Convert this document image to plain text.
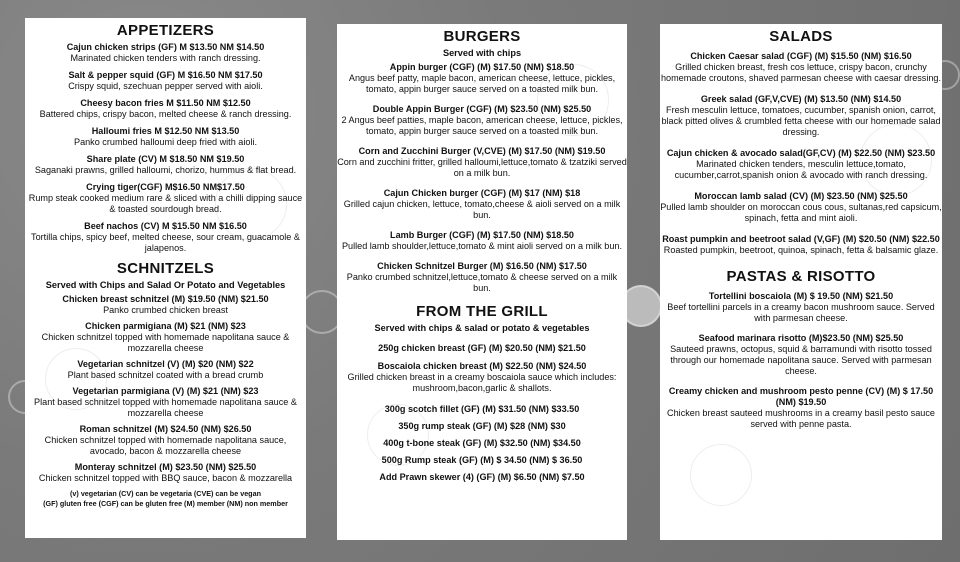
APPETIZERS
Cajun chicken strips (GF) M $13.50 NM $14.50
Marinated chicken tenders with ranch dressing.
Salt & pepper squid (GF) M $16.50 NM $17.50
Crispy squid, szechuan pepper served with aioli.
Cheesy bacon fries M $11.50 NM $12.50
Battered chips, crispy bacon, melted cheese & ranch dressing.
Halloumi fries M $12.50 NM $13.50
Panko crumbed halloumi deep fried with aioli.
Share plate (CV) M $18.50 NM $19.50
Saganaki prawns, grilled halloumi, chorizo, hummus & flat bread.
Crying tiger(CGF) M$16.50 NM$17.50
Rump steak cooked medium rare & sliced with a chilli dipping sauce & toasted sourdough bread.
Beef nachos (CV) M $15.50 NM $16.50
Tortilla chips, spicy beef, melted cheese, sour cream, guacamole & jalapenos.
SCHNITZELS
Served with Chips and Salad Or Potato and Vegetables
Chicken breast schnitzel (M) $19.50 (NM) $21.50
Panko crumbed chicken breast
Chicken parmigiana (M) $21 (NM) $23
Chicken schnitzel topped with homemade napolitana sauce & mozzarella cheese
Vegetarian schnitzel (V) (M) $20 (NM) $22
Plant based schnitzel coated with a bread crumb
Vegetarian parmigiana (V) (M) $21 (NM) $23
Plant based schnitzel topped with homemade napolitana sauce & mozzarella cheese
Roman schnitzel (M) $24.50 (NM) $26.50
Chicken schnitzel topped with homemade napolitana sauce, avocado, bacon & mozzarella cheese
Monteray schnitzel (M) $23.50 (NM) $25.50
Chicken schnitzel topped with BBQ sauce, bacon & mozzarella
(v) vegetarian (CV) can be vegetaria (CVE) can be vegan
(GF) gluten free (CGF) can be gluten free (M) member (NM) non member
BURGERS
Served with chips
Appin burger (CGF) (M) $17.50 (NM) $18.50
Angus beef patty, maple bacon, american cheese, lettuce, pickles, tomato, appin burger sauce served on a toasted milk bun.
Double Appin Burger (CGF) (M) $23.50 (NM) $25.50
2 Angus beef patties, maple bacon, american cheese, lettuce, pickles, tomato, appin burger sauce served on a toasted milk bun.
Corn and Zucchini Burger (V,CVE) (M) $17.50 (NM) $19.50
Corn and zucchini fritter, grilled halloumi,lettuce,tomato & tzatziki served on a milk bun.
Cajun Chicken burger (CGF) (M) $17 (NM) $18
Grilled cajun chicken, lettuce, tomato,cheese & aioli served on a milk bun.
Lamb Burger (CGF) (M) $17.50 (NM) $18.50
Pulled lamb shoulder,lettuce,tomato & mint aioli served on a milk bun.
Chicken Schnitzel Burger (M) $16.50 (NM) $17.50
Panko crumbed schnitzel,lettuce,tomato & cheese served on a milk bun.
FROM THE GRILL
Served with chips & salad or potato & vegetables
250g chicken breast (GF) (M) $20.50 (NM) $21.50
Boscaiola chicken breast (M) $22.50 (NM) $24.50
Grilled chicken breast in a creamy boscaiola sauce which includes: mushroom,bacon,garlic & shallots.
300g scotch fillet (GF) (M) $31.50 (NM) $33.50
350g rump steak (GF) (M) $28 (NM) $30
400g t-bone steak (GF) (M) $32.50 (NM) $34.50
500g Rump steak (GF) (M) $ 34.50 (NM) $ 36.50
Add Prawn skewer (4) (GF) (M) $6.50 (NM) $7.50
SALADS
Chicken Caesar salad (CGF) (M) $15.50 (NM) $16.50
Grilled chicken breast, fresh cos lettuce, crispy bacon, crunchy homemade croutons, shaved parmesan cheese with caesar dressing.
Greek salad (GF,V,CVE) (M) $13.50 (NM) $14.50
Fresh mesculin lettuce, tomatoes, cucumber, spanish onion, carrot, black pitted olives & crumbled fetta cheese with our homemade salad dressing.
Cajun chicken & avocado salad(GF,CV) (M) $22.50 (NM) $23.50
Marinated chicken tenders, mesculin lettuce,tomato, cucumber,carrot,spanish onion & avocado with ranch dressing.
Moroccan lamb salad (CV) (M) $23.50 (NM) $25.50
Pulled lamb shoulder on moroccan cous cous, sultanas,red capsicum, spinach, fetta and mint aioli.
Roast pumpkin and beetroot salad (V,GF) (M) $20.50 (NM) $22.50
Roasted pumpkin, beetroot, quinoa, spinach, fetta & balsamic glaze.
PASTAS & RISOTTO
Tortellini boscaiola (M) $ 19.50 (NM) $21.50
Beef tortellini parcels in a creamy bacon mushroom sauce. Served with parmesan cheese.
Seafood marinara risotto (M)$23.50 (NM) $25.50
Sauteed prawns, octopus, squid & barramundi with risotto tossed through our homemade napolitana sauce. Served with parmesan cheese.
Creamy chicken and mushroom pesto penne (CV) (M) $ 17.50 (NM) $19.50
Chicken breast sauteed mushrooms in a creamy basil pesto sauce served with penne pasta.
